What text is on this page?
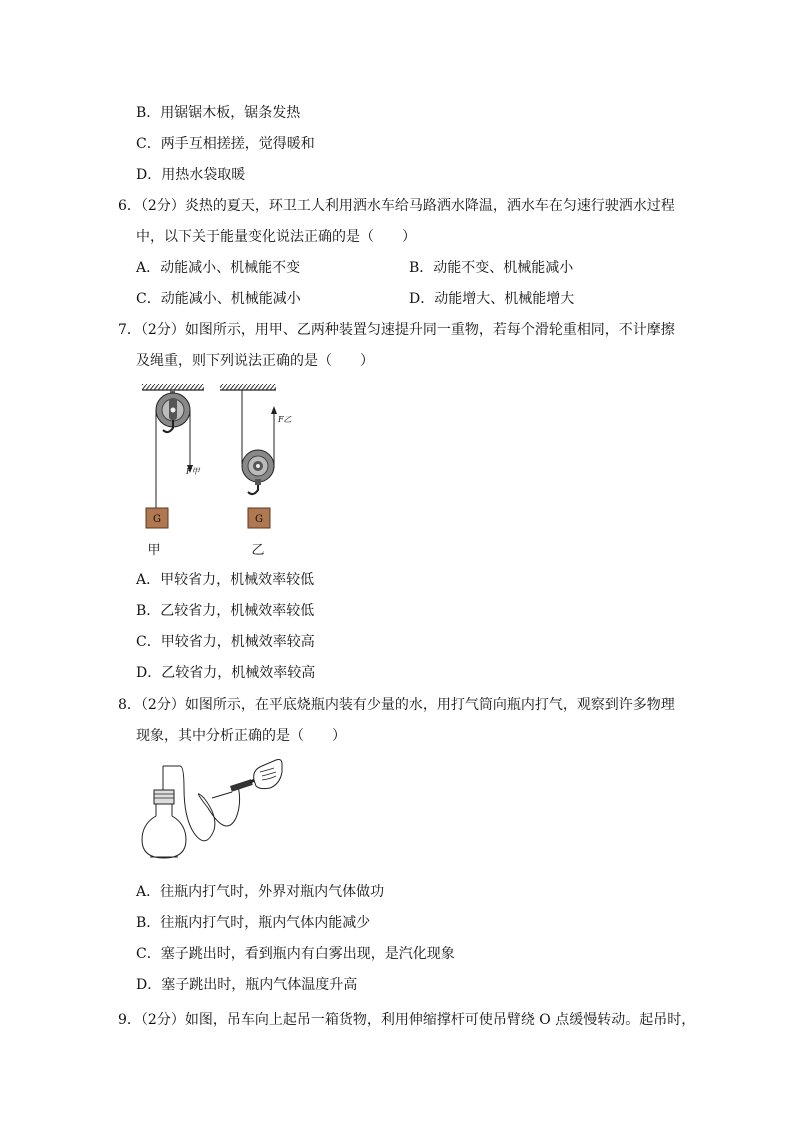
B．用锯锯木板，锯条发热
C．两手互相搓搓，觉得暖和
D．用热水袋取暖
6．（2分）炎热的夏天，环卫工人利用洒水车给马路洒水降温，洒水车在匀速行驶洒水过程
中，以下关于能量变化说法正确的是（　　）
A．动能减小、机械能不变	B．动能不变、机械能减小
C．动能减小、机械能减小	D．动能增大、机械能增大
7．（2分）如图所示，用甲、乙两种装置匀速提升同一重物，若每个滑轮重相同，不计摩擦
及绳重，则下列说法正确的是（　　）
G
F甲
G
F乙
甲	乙
A．甲较省力，机械效率较低
B．乙较省力，机械效率较低
C．甲较省力，机械效率较高
D．乙较省力，机械效率较高
8．（2分）如图所示，在平底烧瓶内装有少量的水，用打气筒向瓶内打气，观察到许多物理
现象，其中分析正确的是（　　）
A．往瓶内打气时，外界对瓶内气体做功
B．往瓶内打气时，瓶内气体内能减少
C．塞子跳出时，看到瓶内有白雾出现，是汽化现象
D．塞子跳出时，瓶内气体温度升高
9．（2分）如图，吊车向上起吊一箱货物，利用伸缩撑杆可使吊臂绕 O 点缓慢转动。起吊时，
